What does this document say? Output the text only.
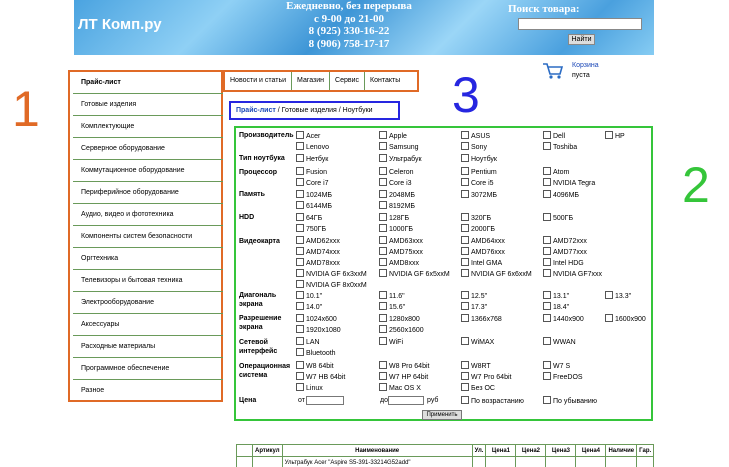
ЛТ Комп.ру
Ежедневно, без перерыва
с 9-00 до 21-00
8 (925) 330-16-22
8 (906) 758-17-17
Поиск товара:
Найти
Корзина
пуста
1
2
3
Прайс-лист
Готовые изделия
Комплектующие
Серверное оборудование
Коммутационное оборудование
Периферийное оборудование
Аудио, видео и фототехника
Компоненты систем безопасности
Оргтехника
Телевизоры и бытовая техника
Электрооборудование
Аксессуары
Расходные материалы
Программное обеспечение
Разное
Новости и статьи	Магазин	Сервис	Контакты
Прайс-лист / Готовые изделия / Ноутбуки
Производитель	Acer	Apple	ASUS	Dell	HP
Lenovo	Samsung	Sony	Toshiba
Тип ноутбука	Нетбук	Ультрабук	Ноутбук
Процессор	Fusion	Celeron	Pentium	Atom
Core i7	Core i3	Core i5	NVIDIA Tegra
Память	1024МБ	2048МБ	3072МБ	4096МБ
6144МБ	8192МБ
HDD	64ГБ	128ГБ	320ГБ	500ГБ
750ГБ	1000ГБ	2000ГБ
Видеокарта	AMD62xxx	AMD63xxx	AMD64xxx	AMD72xxx
AMD74xxx	AMD75xxx	AMD76xxx	AMD77xxx
AMD78xxx	AMD8xxx	Intel GMA	Intel HDG
NVIDIA GF 6x3xxM	NVIDIA GF 6x5xxM	NVIDIA GF 6x6xxM	NVIDIA GF7xxx
NVIDIA GF 8x0xxM
Диагональ
экрана
10.1"	11.6"	12.5"	13.1"	13.3"
14.0"	15.6"	17.3"	18.4"
Разрешение
экрана
1024x600	1280x800	1366x768	1440x900	1600x900
1920x1080	2560x1600
Сетевой
интерфейс
LAN	WiFi	WiMAX	WWAN
Bluetooth
Операционная
система
W8 64bit	W8 Pro 64bit	W8RT	W7 S
W7 HB 64bit	W7 HP 64bit	W7 Pro 64bit	FreeDOS
Linux	Mac OS X	Без ОС
Цена	от	до	руб	По возрастанию	По убыванию
Применить
	Артикул	Наименование	Ул.	Цена1	Цена2	Цена3	Цена4	Наличие	Гар.
		Ультрабук Acer "Aspire S5-391-33214G52add"							
